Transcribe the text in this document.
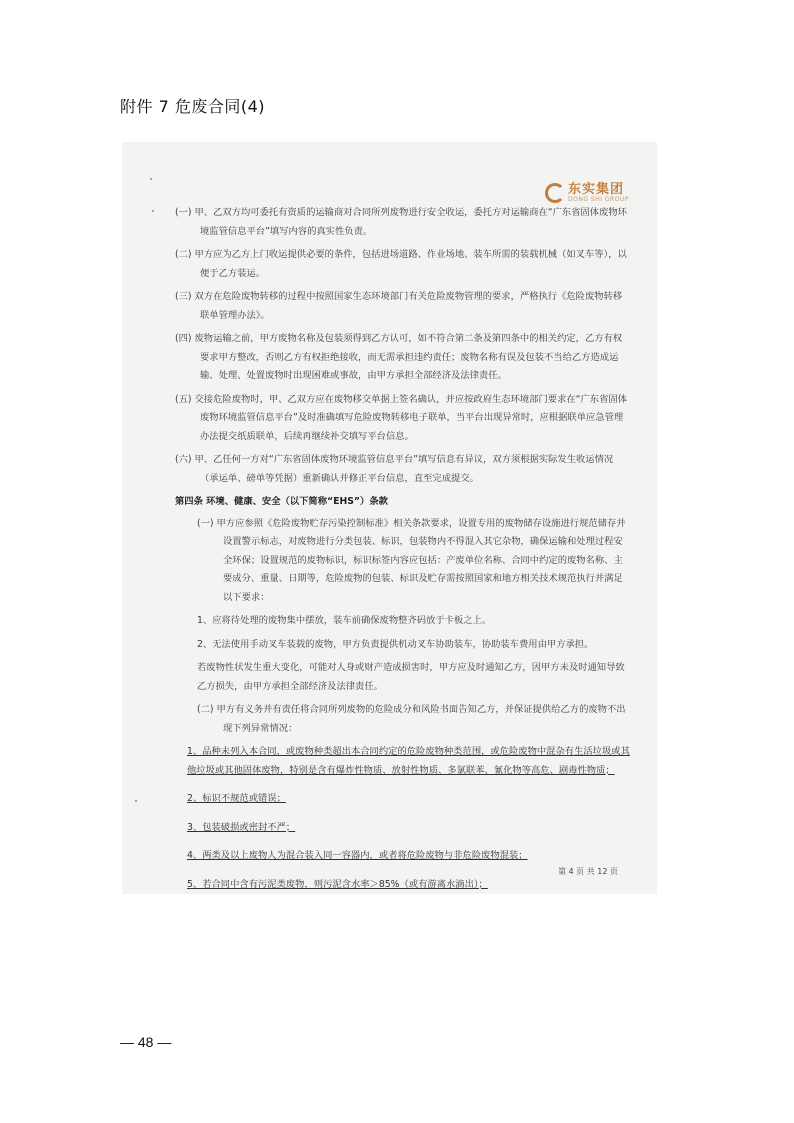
附件 7 危废合同(4)
东实集团
DONG SHI GROUP

(一) 甲、乙双方均可委托有资质的运输商对合同所列废物进行安全收运，委托方对运输商在“广东省固体废物环境监管信息平台”填写内容的真实性负责。

(二) 甲方应为乙方上门收运提供必要的条件，包括进场道路、作业场地、装车所需的装载机械（如叉车等），以便于乙方装运。

(三) 双方在危险废物转移的过程中按照国家生态环境部门有关危险废物管理的要求，严格执行《危险废物转移联单管理办法》。

(四) 废物运输之前，甲方废物名称及包装须得到乙方认可，如不符合第二条及第四条中的相关约定，乙方有权要求甲方整改，否则乙方有权拒绝接收，而无需承担违约责任；废物名称有误及包装不当给乙方造成运输、处理、处置废物时出现困难或事故，由甲方承担全部经济及法律责任。

(五) 交接危险废物时，甲、乙双方应在废物移交单据上签名确认，并应按政府生态环境部门要求在“广东省固体废物环境监管信息平台”及时准确填写危险废物转移电子联单，当平台出现异常时，应根据联单应急管理办法提交纸质联单，后续再继续补交填写平台信息。

(六) 甲、乙任何一方对“广东省固体废物环境监管信息平台”填写信息有异议，双方须根据实际发生收运情况（承运单、磅单等凭据）重新确认并修正平台信息，直至完成提交。

第四条 环境、健康、安全（以下简称“EHS”）条款

(一) 甲方应参照《危险废物贮存污染控制标准》相关条款要求，设置专用的废物储存设施进行规范储存并设置警示标志，对废物进行分类包装、标识，包装物内不得混入其它杂物，确保运输和处理过程安全环保；设置规范的废物标识，标识标签内容应包括：产废单位名称、合同中约定的废物名称、主要成分、重量、日期等，危险废物的包装、标识及贮存需按照国家和地方相关技术规范执行并满足以下要求：

1、应将待处理的废物集中摆放，装车前确保废物整齐码放于卡板之上。

2、无法使用手动叉车装载的废物，甲方负责提供机动叉车协助装车，协助装车费用由甲方承担。

若废物性状发生重大变化，可能对人身或财产造成损害时，甲方应及时通知乙方，因甲方未及时通知导致乙方损失，由甲方承担全部经济及法律责任。

(二) 甲方有义务并有责任将合同所列废物的危险成分和风险书面告知乙方，并保证提供给乙方的废物不出现下列异常情况：

1、品种未列入本合同，或废物种类超出本合同约定的危险废物种类范围，或危险废物中混杂有生活垃圾或其他垃圾或其他固体废物，特别是含有爆炸性物质、放射性物质、多氯联苯、氰化物等高危、剧毒性物质；

2、标识不规范或错误；

3、包装破损或密封不严；

4、两类及以上废物人为混合装入同一容器内，或者将危险废物与非危险废物混装；

5、若合同中含有污泥类废物，则污泥含水率＞85%（或有游离水滴出）；

第 4 页 共 12 页
— 48 —
